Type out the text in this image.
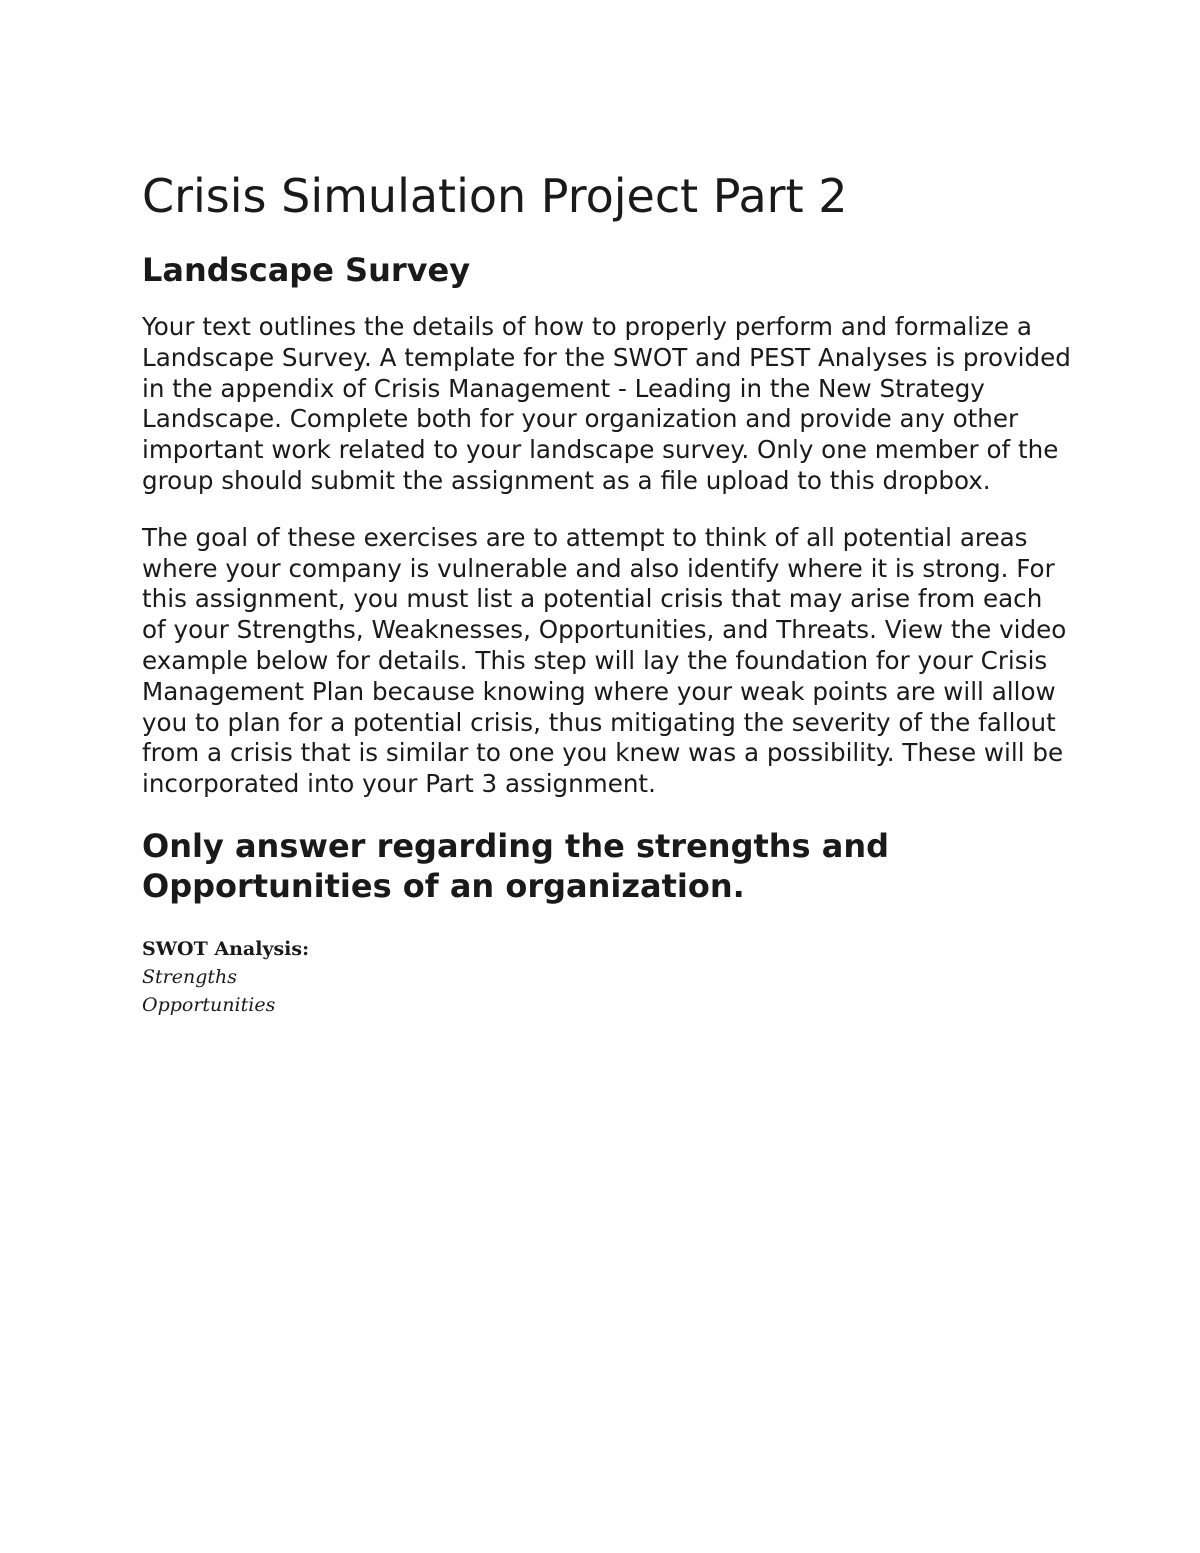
Crisis Simulation Project Part 2
Landscape Survey

Your text outlines the details of how to properly perform and formalize a Landscape Survey. A template for the SWOT and PEST Analyses is provided in the appendix of Crisis Management - Leading in the New Strategy Landscape. Complete both for your organization and provide any other important work related to your landscape survey. Only one member of the group should submit the assignment as a file upload to this dropbox.

The goal of these exercises are to attempt to think of all potential areas where your company is vulnerable and also identify where it is strong. For this assignment, you must list a potential crisis that may arise from each of your Strengths, Weaknesses, Opportunities, and Threats. View the video example below for details. This step will lay the foundation for your Crisis Management Plan because knowing where your weak points are will allow you to plan for a potential crisis, thus mitigating the severity of the fallout from a crisis that is similar to one you knew was a possibility. These will be incorporated into your Part 3 assignment.

Only answer regarding the strengths and Opportunities of an organization.

SWOT Analysis:

Strengths

Opportunities
